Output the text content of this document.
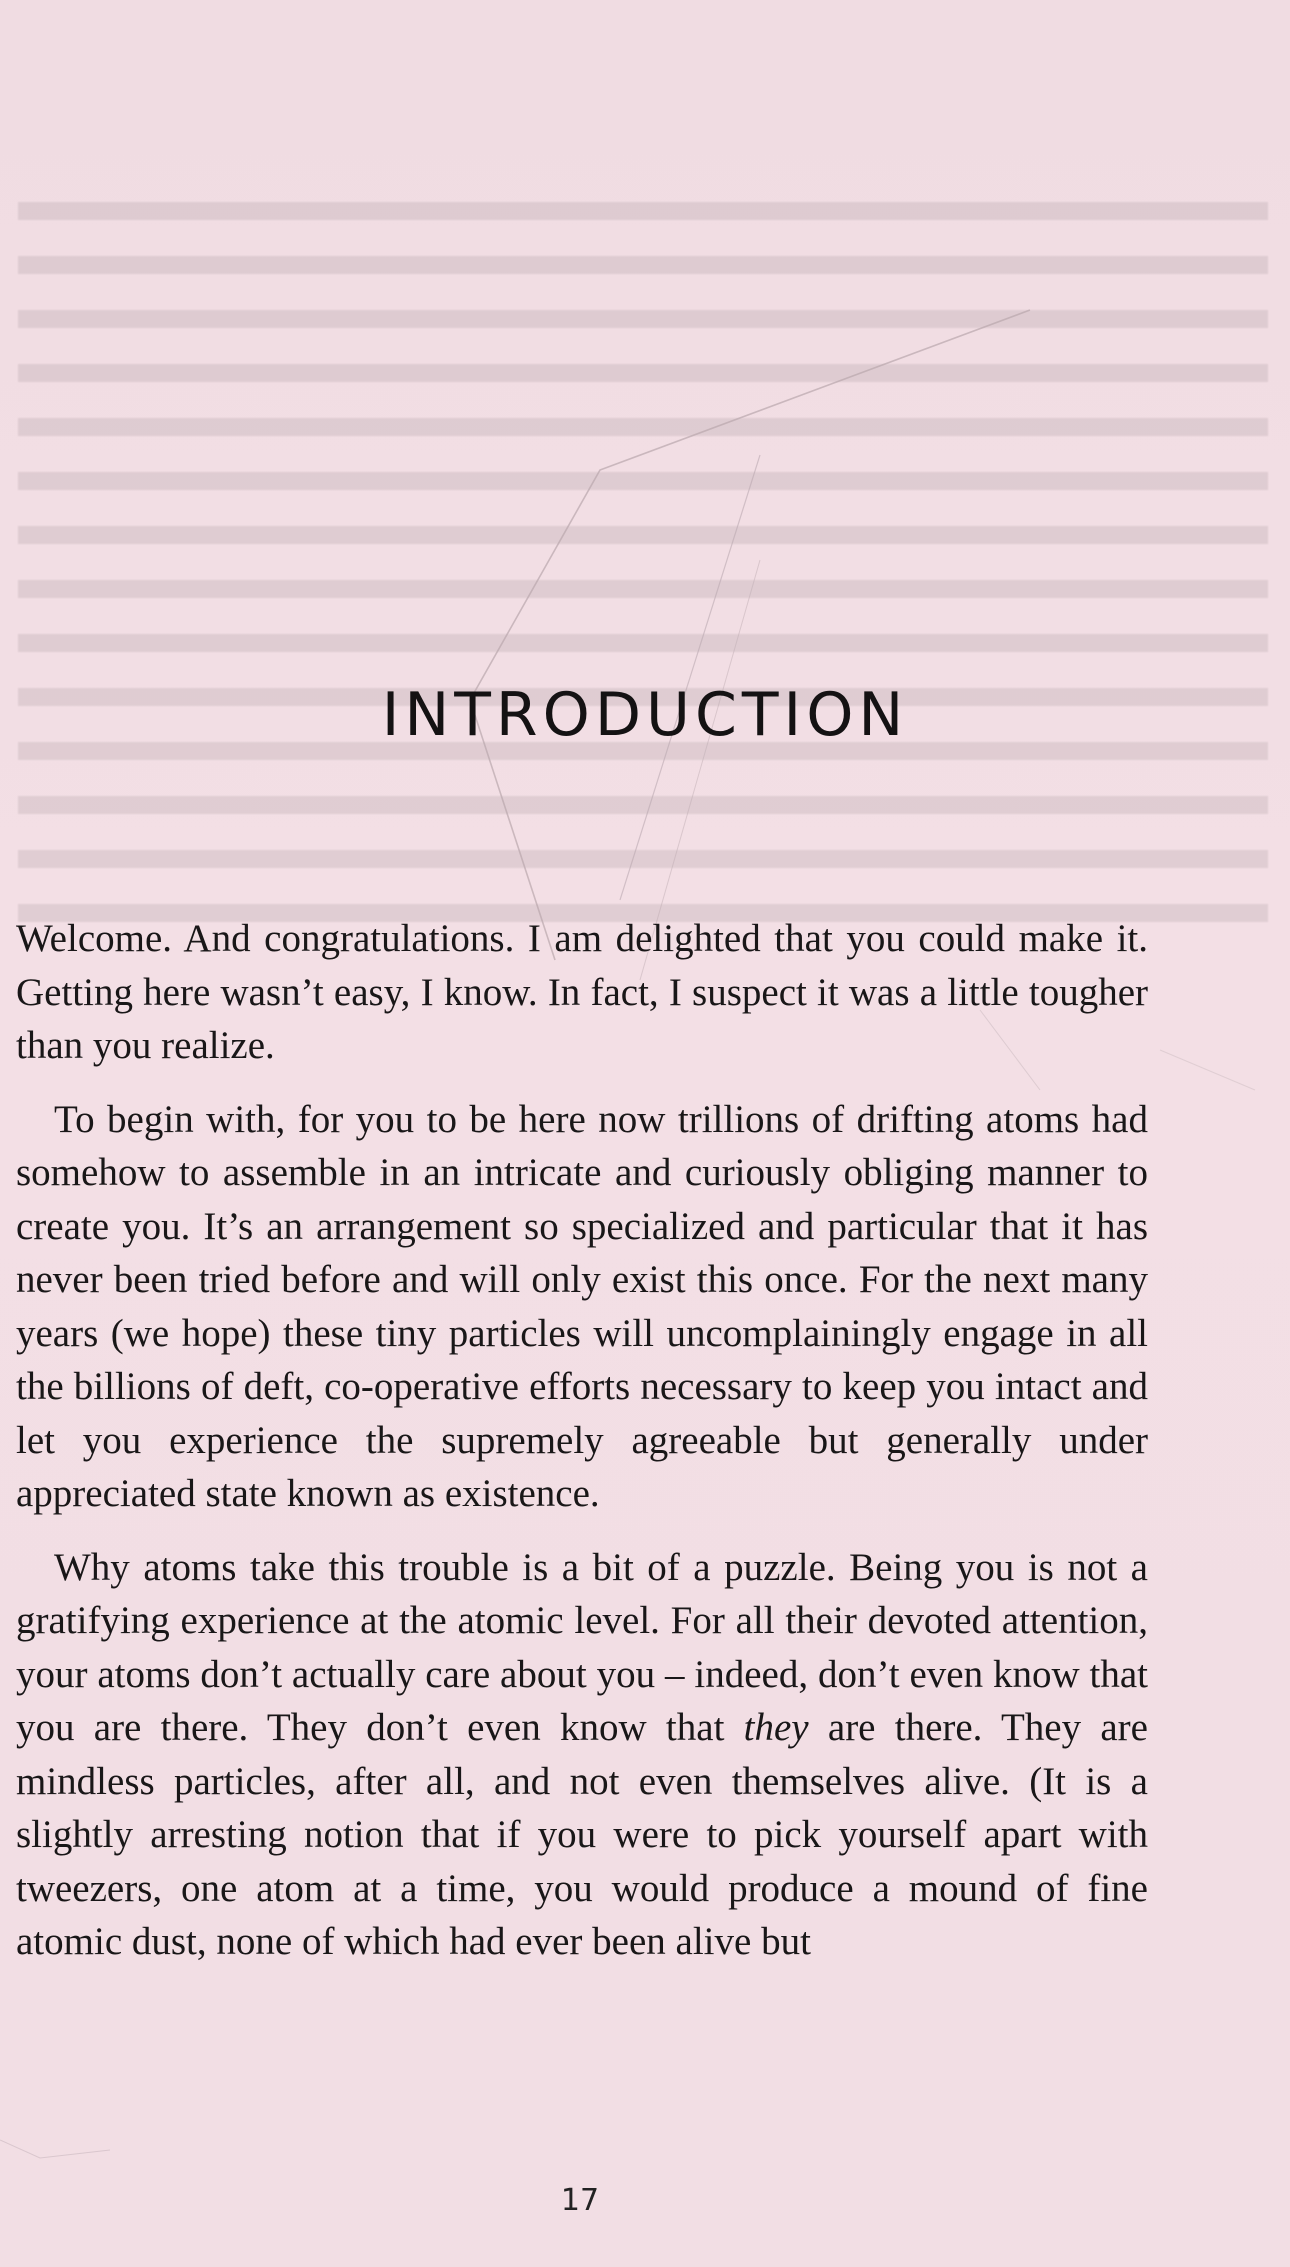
INTRODUCTION

Welcome. And congratulations. I am delighted that you could make it. Getting here wasn’t easy, I know. In fact, I suspect it was a little tougher than you realize.

To begin with, for you to be here now trillions of drifting atoms had somehow to assemble in an intricate and curiously obliging manner to create you. It’s an arrangement so specialized and particular that it has never been tried before and will only exist this once. For the next many years (we hope) these tiny particles will uncomplainingly engage in all the billions of deft, co-operative efforts necessary to keep you intact and let you experience the supremely agreeable but generally under appreciated state known as existence.

Why atoms take this trouble is a bit of a puzzle. Being you is not a gratifying experience at the atomic level. For all their devoted attention, your atoms don’t actually care about you – indeed, don’t even know that you are there. They don’t even know that they are there. They are mindless particles, after all, and not even themselves alive. (It is a slightly arresting notion that if you were to pick yourself apart with tweezers, one atom at a time, you would produce a mound of fine atomic dust, none of which had ever been alive but

17
